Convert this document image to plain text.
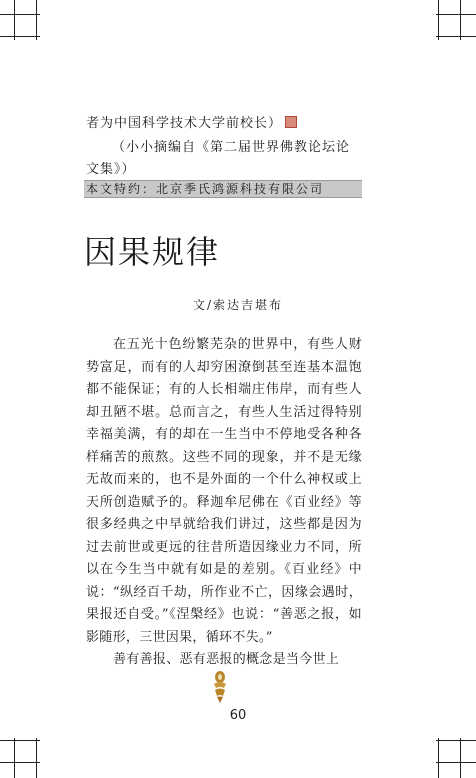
者为中国科学技术大学前校长）

（小小摘编自《第二届世界佛教论坛论文集》）

本文特约：北京季氏鸿源科技有限公司
因果规律
文/索达吉堪布

在五光十色纷繁芜杂的世界中，有些人财势富足，而有的人却穷困潦倒甚至连基本温饱都不能保证；有的人长相端庄伟岸，而有些人却丑陋不堪。总而言之，有些人生活过得特别幸福美满，有的却在一生当中不停地受各种各样痛苦的煎熬。这些不同的现象，并不是无缘无故而来的，也不是外面的一个什么神权或上天所创造赋予的。释迦牟尼佛在《百业经》等很多经典之中早就给我们讲过，这些都是因为过去前世或更远的往昔所造因缘业力不同，所以在今生当中就有如是的差别。《百业经》中说：“纵经百千劫，所作业不亡，因缘会遇时，果报还自受。”《涅槃经》也说：“善恶之报，如影随形，三世因果，循环不失。”

善有善报、恶有恶报的概念是当今世上

60
